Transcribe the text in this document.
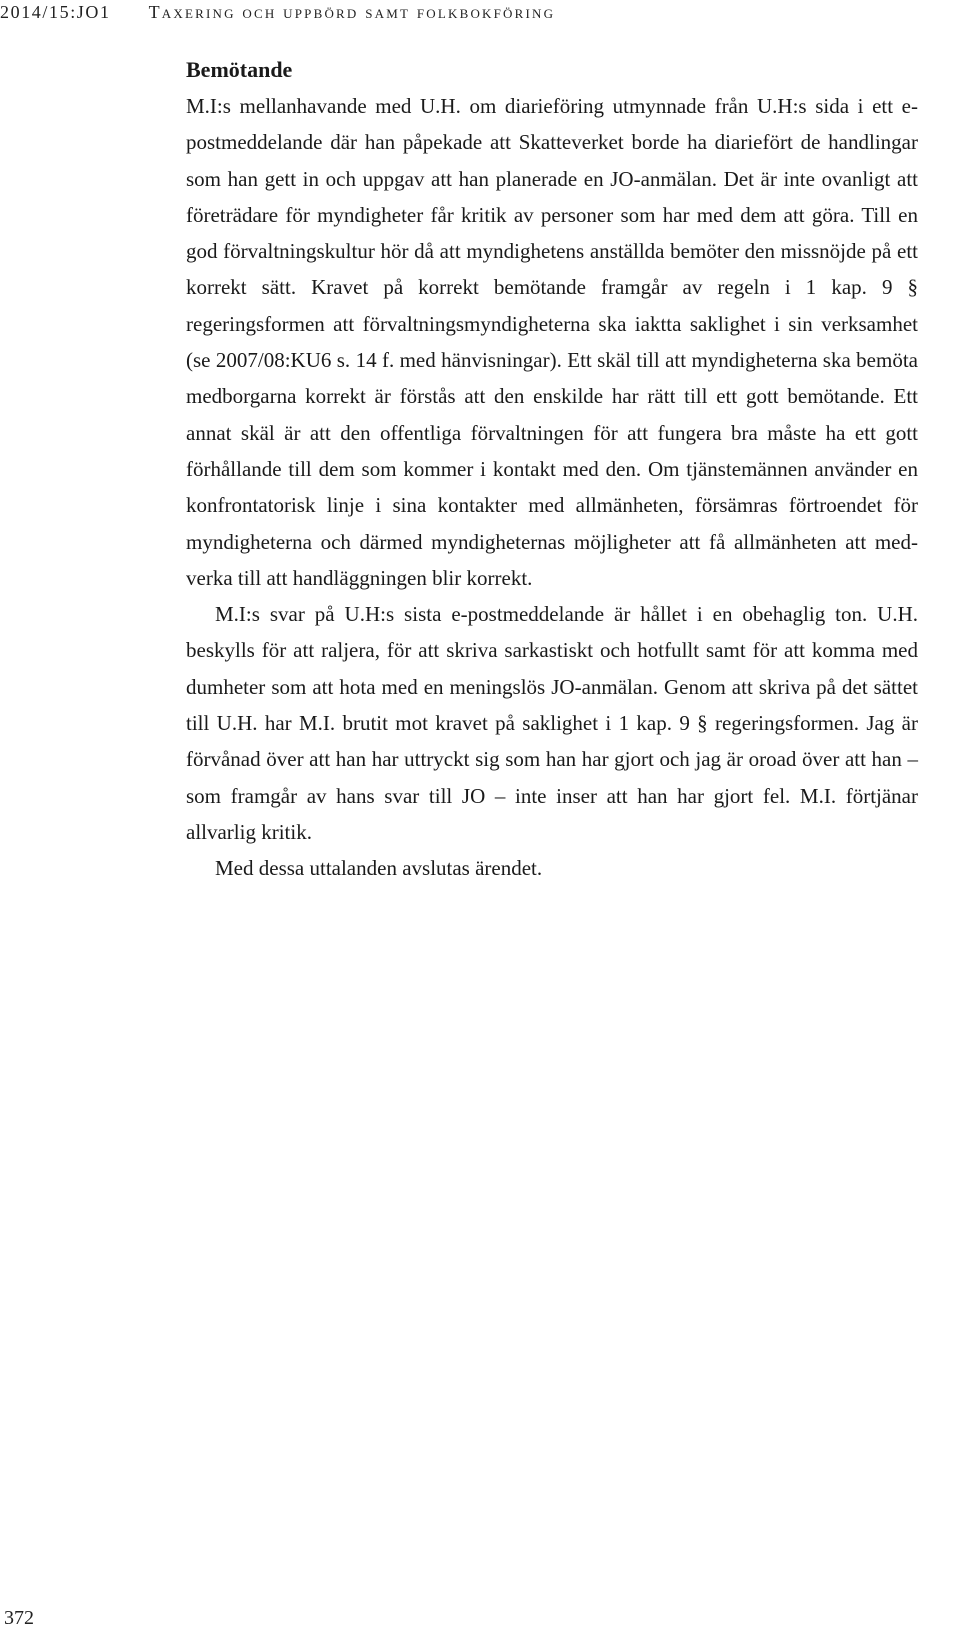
2014/15:JO1 Taxering och uppbörd samt folkbokföring
Bemötande

M.I:s mellanhavande med U.H. om diarieföring utmynnade från U.H:s sida i ett e-postmeddelande där han påpekade att Skatteverket borde ha diariefört de handlingar som han gett in och uppgav att han planerade en JO-anmälan. Det är inte ovanligt att företrädare för myndigheter får kritik av personer som har med dem att göra. Till en god förvaltningskultur hör då att myndighetens anställda bemöter den missnöjde på ett korrekt sätt. Kravet på korrekt bemötande framgår av regeln i 1 kap. 9 § regeringsformen att förvaltningsmyndigheterna ska iaktta saklighet i sin verksamhet (se 2007/08:KU6 s. 14 f. med hänvisningar). Ett skäl till att myndigheterna ska bemöta medborgarna korrekt är förstås att den enskilde har rätt till ett gott bemötande. Ett annat skäl är att den offentliga förvaltningen för att fungera bra måste ha ett gott förhållande till dem som kommer i kontakt med den. Om tjänstemännen använder en konfrontatorisk linje i sina kontakter med allmänheten, försämras förtroendet för myndigheterna och därmed myndigheternas möjligheter att få allmänheten att medverka till att handläggningen blir korrekt.

M.I:s svar på U.H:s sista e-postmeddelande är hållet i en obehaglig ton. U.H. beskylls för att raljera, för att skriva sarkastiskt och hotfullt samt för att komma med dumheter som att hota med en meningslös JO-anmälan. Genom att skriva på det sättet till U.H. har M.I. brutit mot kravet på saklighet i 1 kap. 9 § regeringsformen. Jag är förvånad över att han har uttryckt sig som han har gjort och jag är oroad över att han – som framgår av hans svar till JO – inte inser att han har gjort fel. M.I. förtjänar allvarlig kritik.

Med dessa uttalanden avslutas ärendet.

372
